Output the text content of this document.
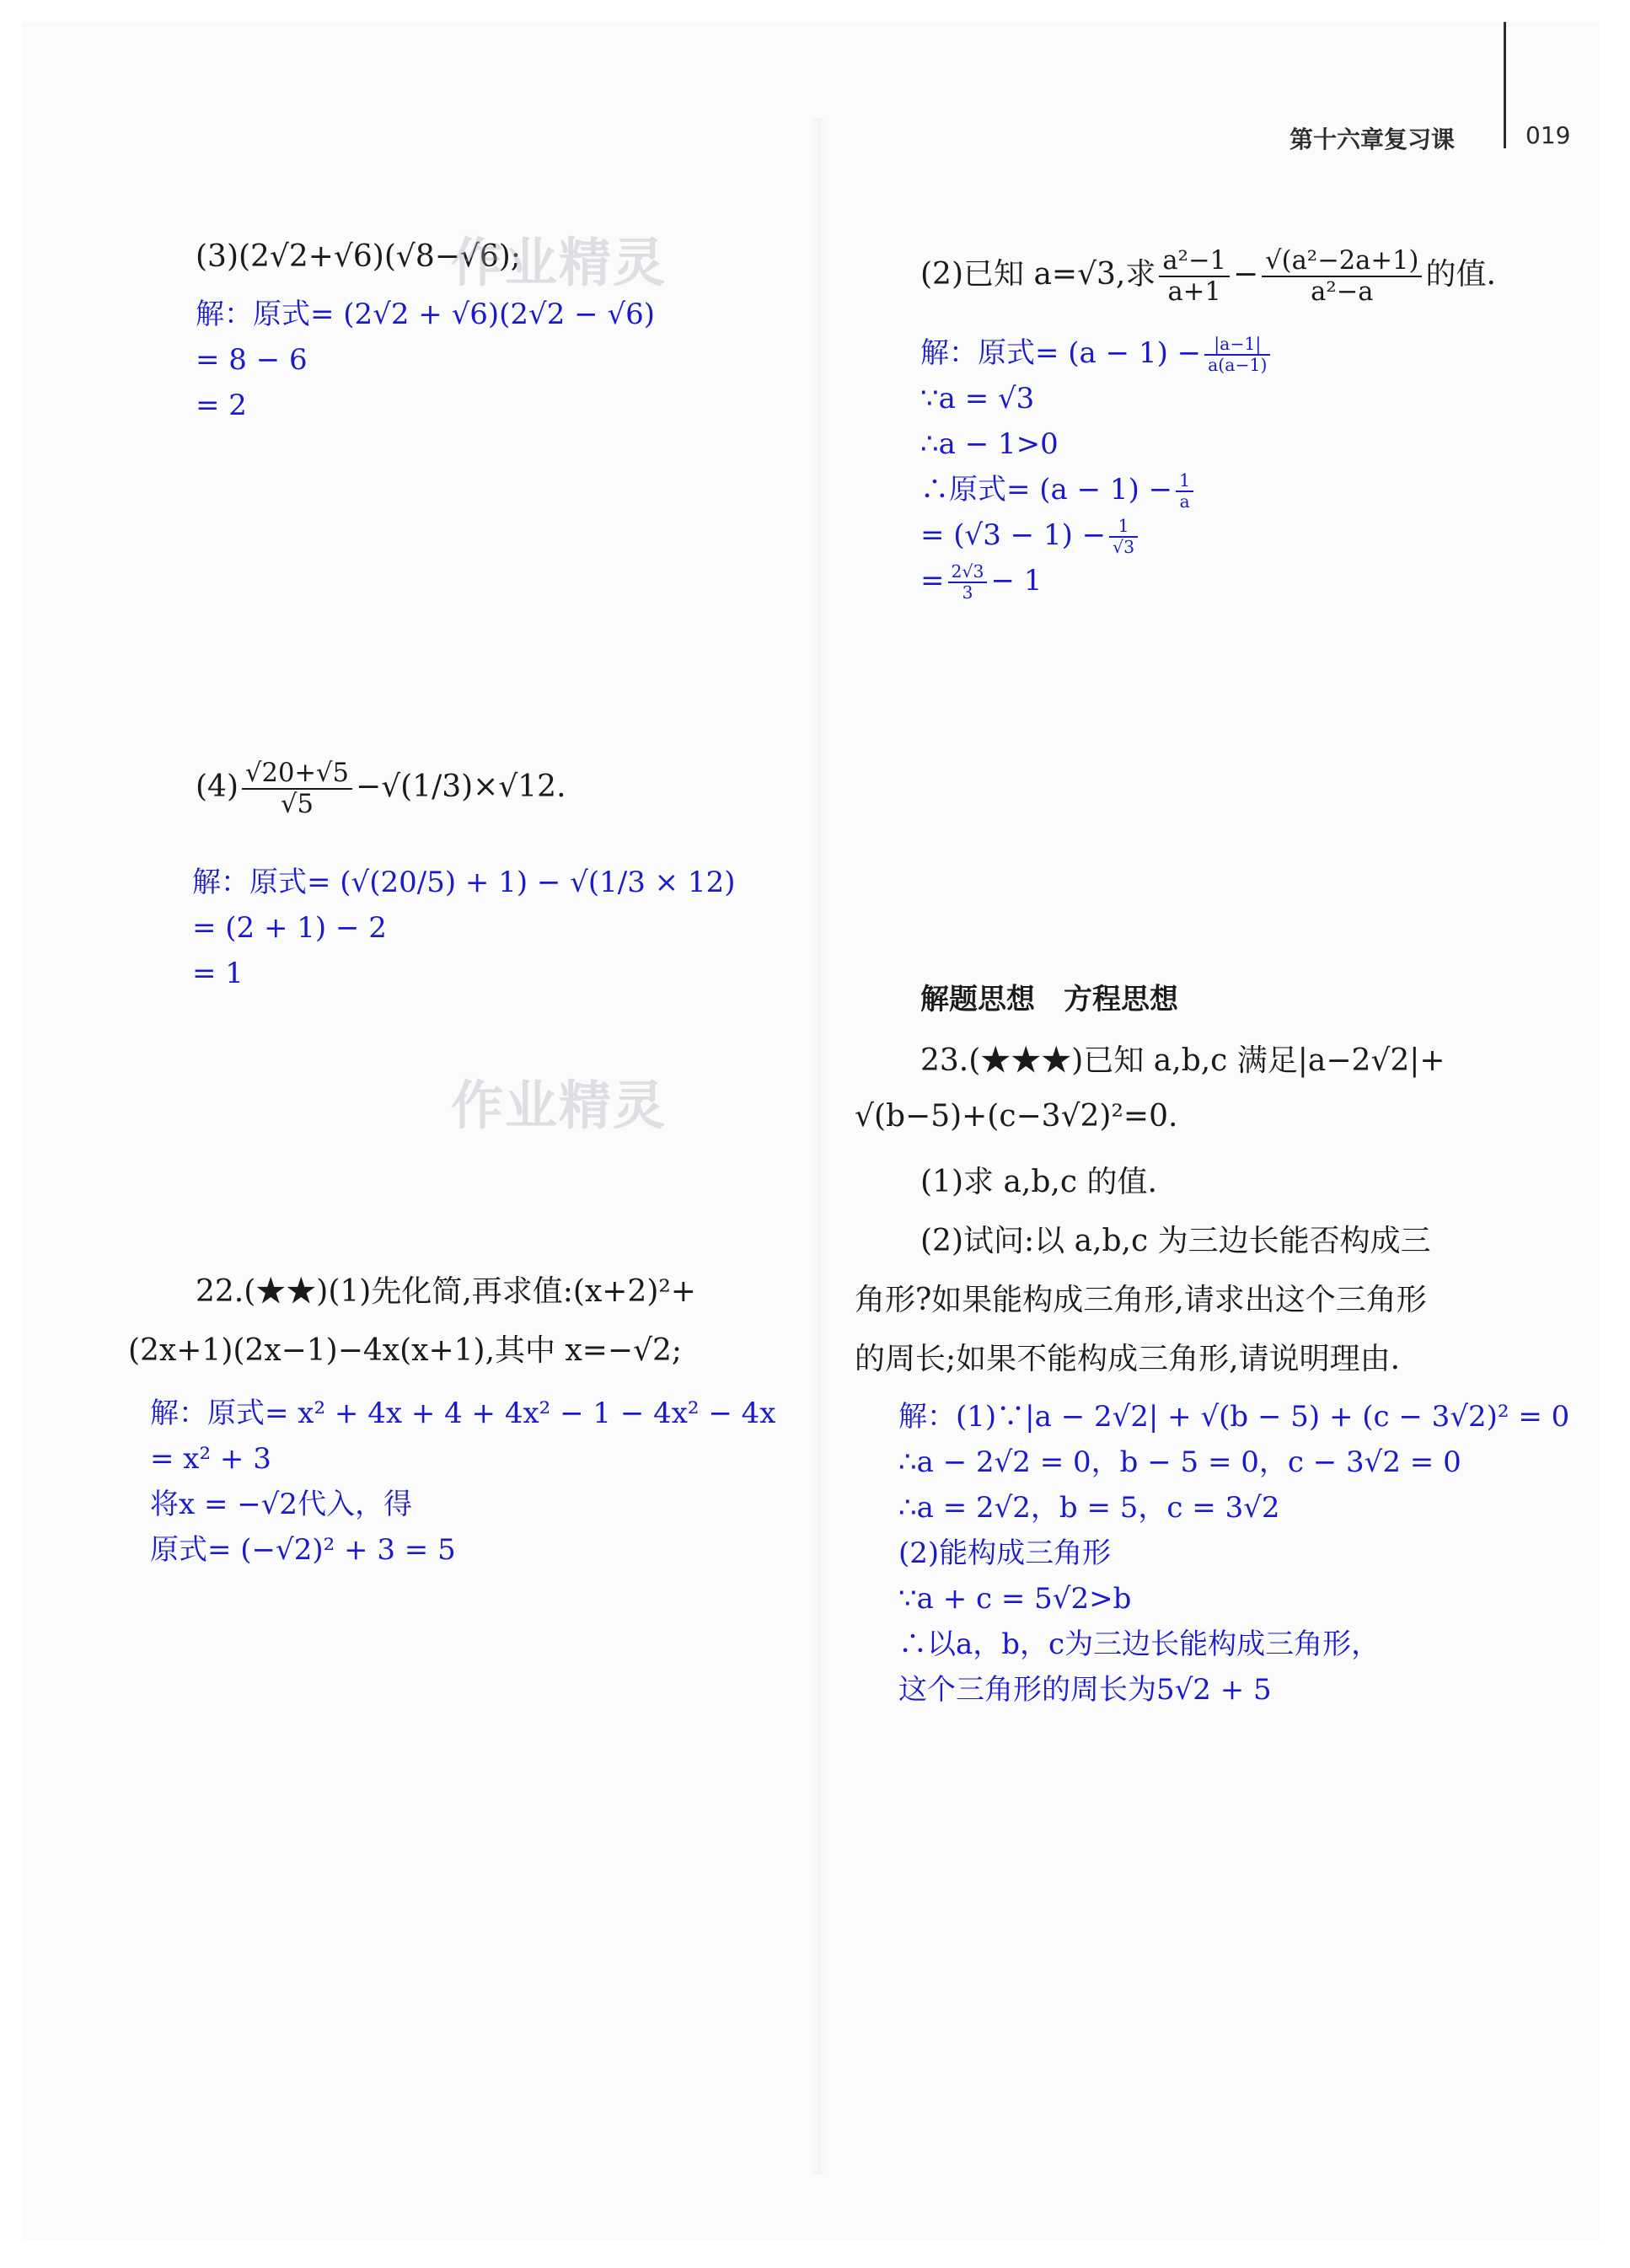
第十六章复习课	019
(3)(2√2+√6)(√8−√6);
作业精灵
解：原式= (2√2 + √6)(2√2 − √6)
= 8 − 6
= 2
$(4) \frac{√20+√5}{√5} -√(1/3)\times√12$.
解：原式= (√(20/5) + 1) − √(1/3 × 12)
= (2 + 1) − 2
= 1
作业精灵
(2)已知 a=√3,求 $\frac{\text{a²−1}}{a+1} - \frac{\text{√(a²−2a+1)}}{\text{a²−a}}$ 的值.
解：原式= $(a - 1) - \frac{|a-1|}{a(a-1)}$
∵a = √3
∴a − 1>0
∴原式= $(a - 1) - \frac{1}{a}$
= $(√3 - 1) - \frac{1}{√3}$
= $\frac{2√3}{3} - 1$
22.(★★)(1)先化简,再求值:(x+2)²+
(2x+1)(2x−1)−4x(x+1),其中 x=−√2;
解：原式= x² + 4x + 4 + 4x² − 1 − 4x² − 4x
= x² + 3
将x = −√2代入，得
原式= (−√2)² + 3 = 5
解题思想　方程思想
23.(★★★)已知 a,b,c 满足|a−2√2|+
√(b−5)+(c−3√2)²=0.
(1)求 a,b,c 的值.
(2)试问:以 a,b,c 为三边长能否构成三
角形?如果能构成三角形,请求出这个三角形
的周长;如果不能构成三角形,请说明理由.
解：(1)∵|a − 2√2| + √(b − 5) + (c − 3√2)² = 0
∴a − 2√2 = 0，b − 5 = 0，c − 3√2 = 0
∴a = 2√2，b = 5，c = 3√2
(2)能构成三角形
∵a + c = 5√2>b
∴以a，b，c为三边长能构成三角形，
这个三角形的周长为5√2 + 5
